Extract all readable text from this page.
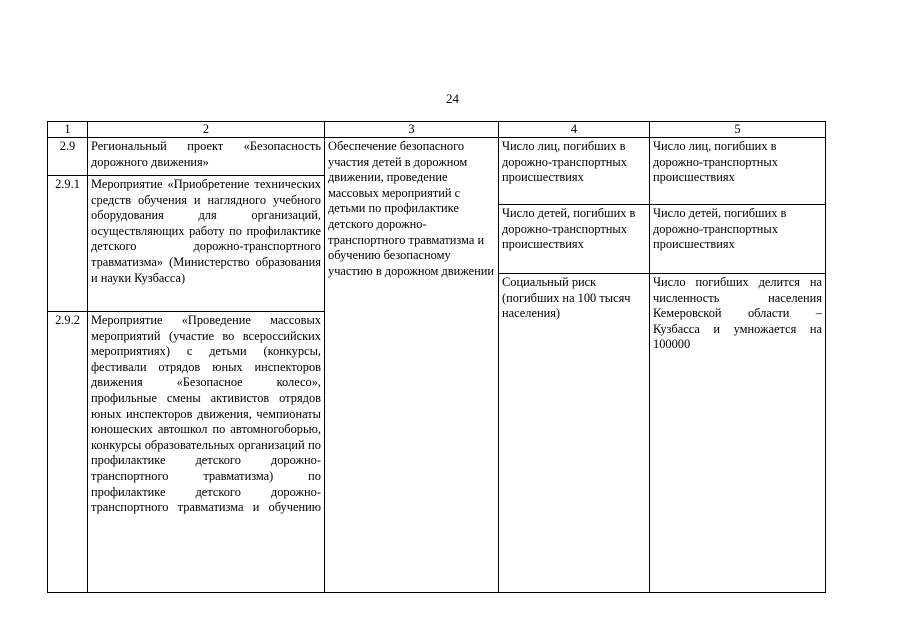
24
1	2	3	4	5
2.9	Региональный проект «Безопасность дорожного движения»	Обеспечение безопасного участия детей в дорожном движении, проведение массовых мероприятий с детьми по профилактике детского дорожно-транспортного травматизма и обучению безопасному участию в дорожном движении	Число лиц, погибших в дорожно-транспортных происшествиях	Число лиц, погибших в дорожно-транспортных происшествиях
2.9.1	Мероприятие «Приобретение технических средств обучения и наглядного учебного оборудования для организаций, осуществляющих работу по профилактике детского дорожно-транспортного травматизма» (Министерство образования и науки Кузбасса)			
			Число детей, погибших в дорожно-транспортных происшествиях	Число детей, погибших в дорожно-транспортных происшествиях
			Социальный риск (погибших на 100 тысяч населения)	Число погибших делится на численность населения Кемеровской области – Кузбасса и умножается на 100000
2.9.2	Мероприятие «Проведение массовых мероприятий (участие во всероссийских мероприятиях) с детьми (конкурсы, фестивали отрядов юных инспекторов движения «Безопасное колесо», профильные смены активистов отрядов юных инспекторов движения, чемпионаты юношеских автошкол по автомногоборью, конкурсы образовательных организаций по профилактике детского дорожно-транспортного травматизма) по профилактике детского дорожно-транспортного травматизма и обучению			
